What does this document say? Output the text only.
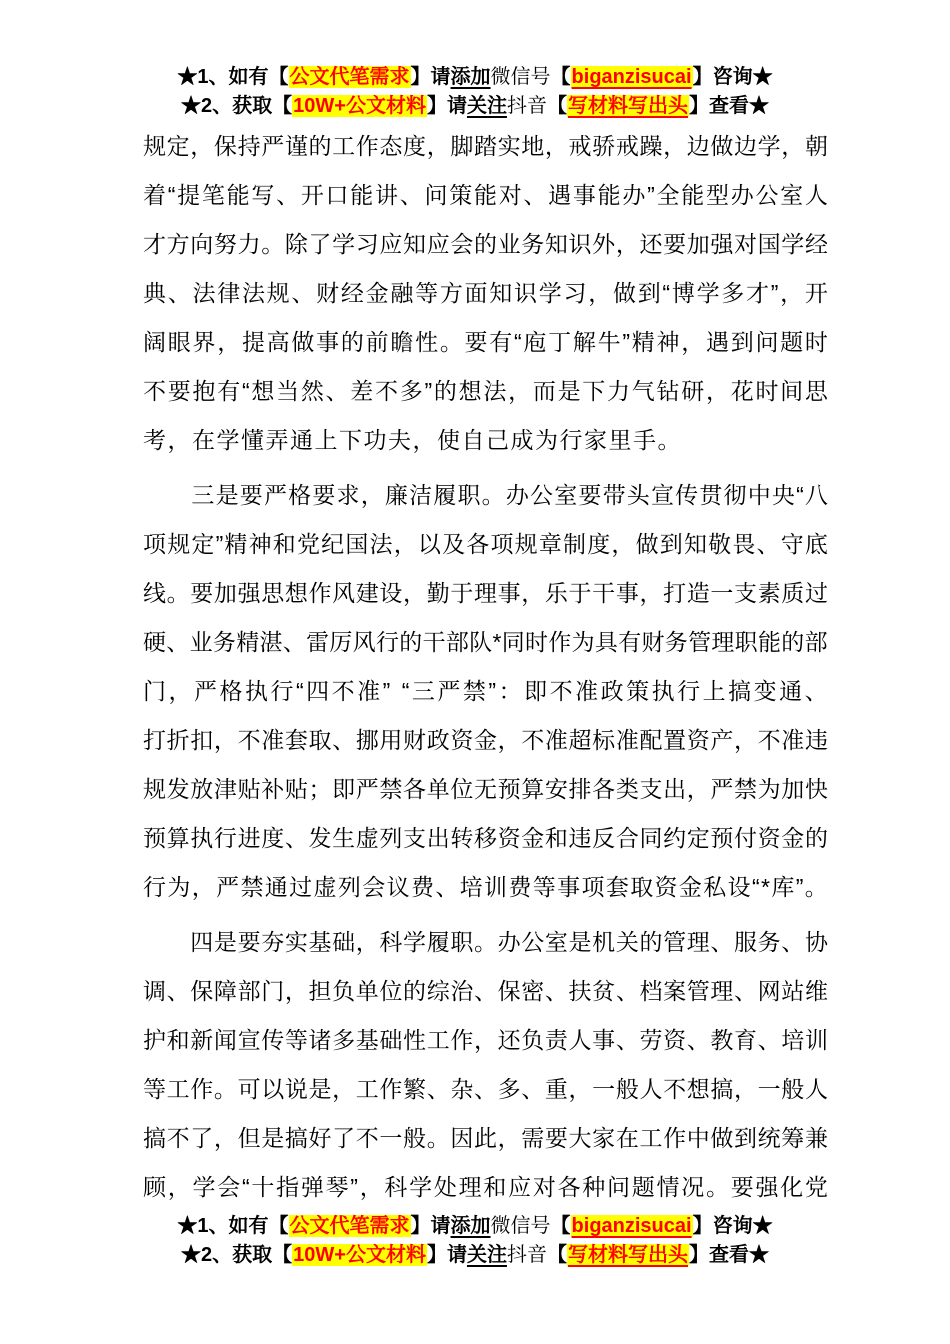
★1、如有【公文代笔需求】请添加微信号【biganzisucai】咨询★
★2、获取【10W+公文材料】请关注抖音【写材料写出头】查看★
规 定 ， 保 持 严 谨 的 工 作 态 度 ， 脚 踏 实 地 ， 戒 骄 戒 躁 ， 边 做 边 学 ， 朝
着 “ 提 笔 能 写 、 开 口 能 讲 、 问 策 能 对 、 遇 事 能 办 ” 全 能 型 办 公 室 人
才 方 向 努 力 。 除 了 学 习 应 知 应 会 的 业 务 知 识 外 ， 还 要 加 强 对 国 学 经
典 、 法 律 法 规 、 财 经 金 融 等 方 面 知 识 学 习 ， 做 到 “ 博 学 多 才 ” ， 开
阔 眼 界 ， 提 高 做 事 的 前 瞻 性 。 要 有 “ 庖 丁 解 牛 ” 精 神 ， 遇 到 问 题 时
不 要 抱 有 “ 想 当 然 、 差 不 多 ” 的 想 法 ， 而 是 下 力 气 钻 研 ， 花 时 间 思
考，在学懂弄通上下功夫，使自己成为行家里手。

三 是 要 严 格 要 求 ， 廉 洁 履 职 。 办 公 室 要 带 头 宣 传 贯 彻 中 央 “ 八
项 规 定 ” 精 神 和 党 纪 国 法 ， 以 及 各 项 规 章 制 度 ， 做 到 知 敬 畏 、 守 底
线 。 要 加 强 思 想 作 风 建 设 ， 勤 于 理 事 ， 乐 于 干 事 ， 打 造 一 支 素 质 过
硬 、 业 务 精 湛 、 雷 厉 风 行 的 干 部 队 * 同 时 作 为 具 有 财 务 管 理 职 能 的 部
门 ， 严 格 执 行 “ 四 不 准 ”
“ 三 严 禁 ” ： 即 不 准 政 策 执 行 上 搞 变 通 、
打 折 扣 ， 不 准 套 取 、 挪 用 财 政 资 金 ， 不 准 超 标 准 配 置 资 产 ， 不 准 违
规 发 放 津 贴 补 贴 ； 即 严 禁 各 单 位 无 预 算 安 排 各 类 支 出 ， 严 禁 为 加 快
预 算 执 行 进 度 、 发 生 虚 列 支 出 转 移 资 金 和 违 反 合 同 约 定 预 付 资 金 的
行 为 ， 严 禁 通 过 虚 列 会 议 费 、 培 训 费 等 事 项 套 取 资 金 私 设 “ * 库 ” 。

四 是 要 夯 实 基 础 ， 科 学 履 职 。 办 公 室 是 机 关 的 管 理 、 服 务 、 协
调 、 保 障 部 门 ， 担 负 单 位 的 综 治 、 保 密 、 扶 贫 、 档 案 管 理 、 网 站 维
护 和 新 闻 宣 传 等 诸 多 基 础 性 工 作 ， 还 负 责 人 事 、 劳 资 、 教 育 、 培 训
等 工 作 。 可 以 说 是 ， 工 作 繁 、 杂 、 多 、 重 ， 一 般 人 不 想 搞 ， 一 般 人
搞 不 了 ， 但 是 搞 好 了 不 一 般 。 因 此 ， 需 要 大 家 在 工 作 中 做 到 统 筹 兼
顾 ， 学 会 “ 十 指 弹 琴 ” ， 科 学 处 理 和 应 对 各 种 问 题 情 况 。 要 强 化 党
★1、如有【公文代笔需求】请添加微信号【biganzisucai】咨询★
★2、获取【10W+公文材料】请关注抖音【写材料写出头】查看★
